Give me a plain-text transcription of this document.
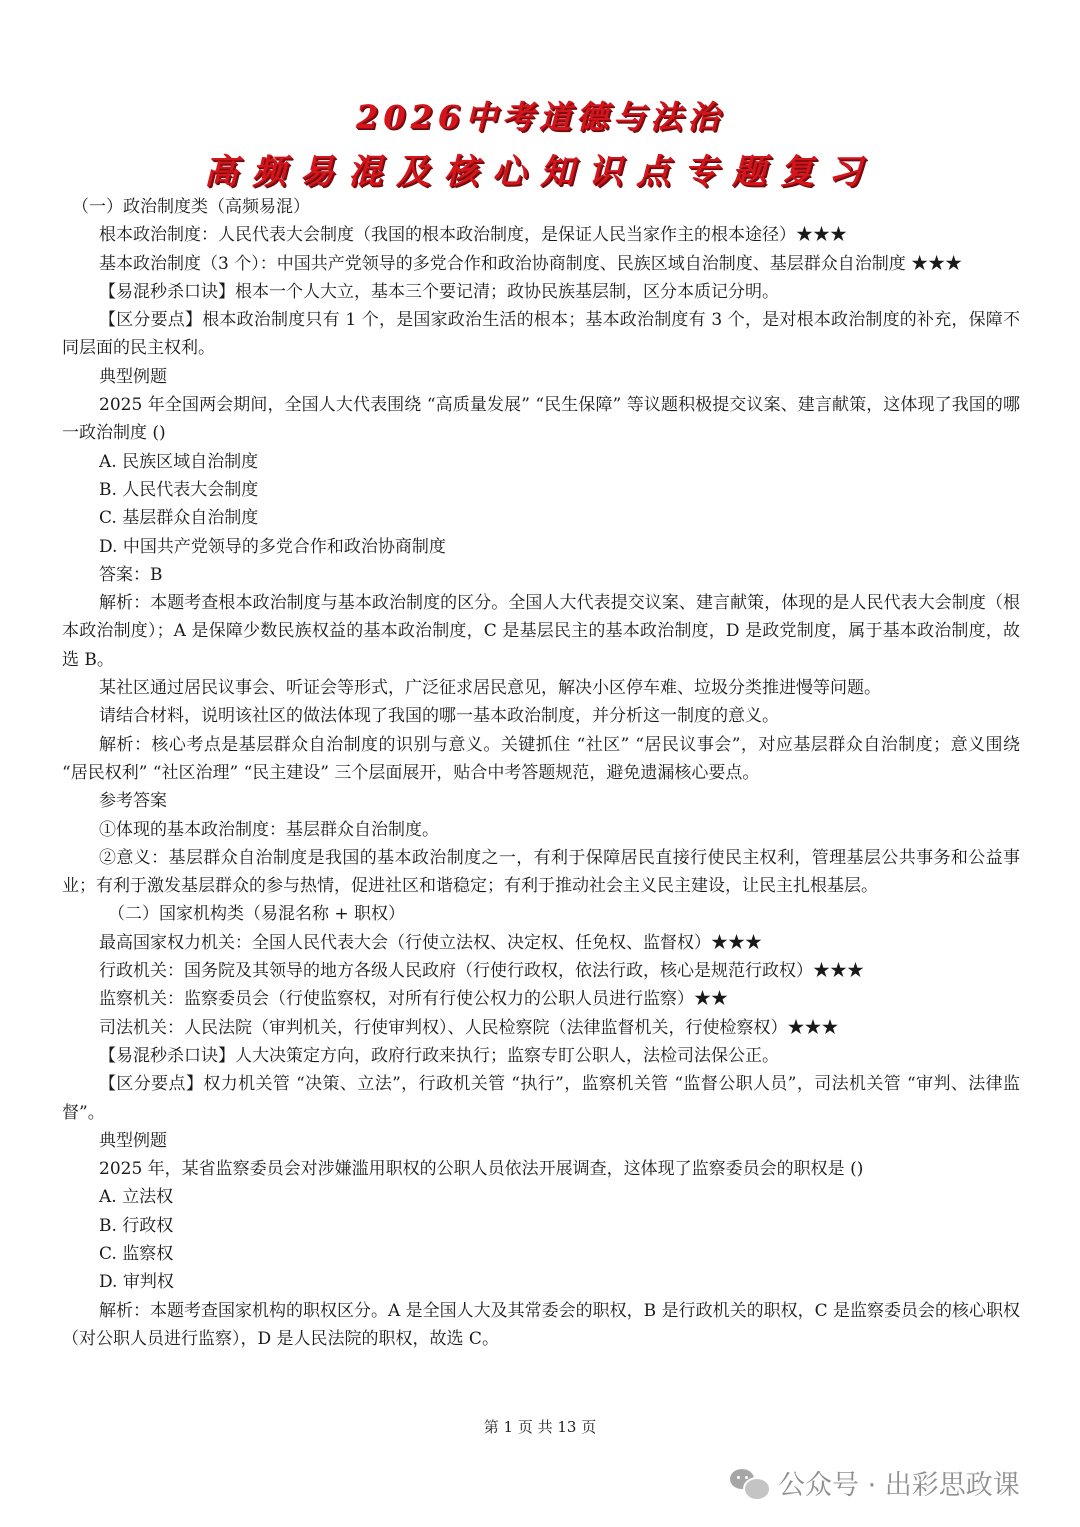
2026中考道德与法治
高频易混及核心知识点专题复习

（一）政治制度类（高频易混）

根本政治制度：人民代表大会制度（我国的根本政治制度，是保证人民当家作主的根本途径）★★★

基本政治制度（3 个）：中国共产党领导的多党合作和政治协商制度、民族区域自治制度、基层群众自治制度 ★★★

【易混秒杀口诀】根本一个人大立，基本三个要记清；政协民族基层制，区分本质记分明。

【区分要点】根本政治制度只有 1 个，是国家政治生活的根本；基本政治制度有 3 个，是对根本政治制度的补充，保障不同层面的民主权利。

典型例题

2025 年全国两会期间，全国人大代表围绕 “高质量发展” “民生保障” 等议题积极提交议案、建言献策，这体现了我国的哪一政治制度 ()

A. 民族区域自治制度

B. 人民代表大会制度

C. 基层群众自治制度

D. 中国共产党领导的多党合作和政治协商制度

答案：B

解析：本题考查根本政治制度与基本政治制度的区分。全国人大代表提交议案、建言献策，体现的是人民代表大会制度（根本政治制度）；A 是保障少数民族权益的基本政治制度，C 是基层民主的基本政治制度，D 是政党制度，属于基本政治制度，故选 B。

某社区通过居民议事会、听证会等形式，广泛征求居民意见，解决小区停车难、垃圾分类推进慢等问题。

请结合材料，说明该社区的做法体现了我国的哪一基本政治制度，并分析这一制度的意义。

解析：核心考点是基层群众自治制度的识别与意义。关键抓住 “社区” “居民议事会”，对应基层群众自治制度；意义围绕 “居民权利” “社区治理” “民主建设” 三个层面展开，贴合中考答题规范，避免遗漏核心要点。

参考答案

①体现的基本政治制度：基层群众自治制度。

②意义：基层群众自治制度是我国的基本政治制度之一，有利于保障居民直接行使民主权利，管理基层公共事务和公益事业；有利于激发基层群众的参与热情，促进社区和谐稳定；有利于推动社会主义民主建设，让民主扎根基层。

（二）国家机构类（易混名称 + 职权）

最高国家权力机关：全国人民代表大会（行使立法权、决定权、任免权、监督权）★★★

行政机关：国务院及其领导的地方各级人民政府（行使行政权，依法行政，核心是规范行政权）★★★

监察机关：监察委员会（行使监察权，对所有行使公权力的公职人员进行监察）★★

司法机关：人民法院（审判机关，行使审判权）、人民检察院（法律监督机关，行使检察权）★★★

【易混秒杀口诀】人大决策定方向，政府行政来执行；监察专盯公职人，法检司法保公正。

【区分要点】权力机关管 “决策、立法”，行政机关管 “执行”，监察机关管 “监督公职人员”，司法机关管 “审判、法律监督”。

典型例题

2025 年，某省监察委员会对涉嫌滥用职权的公职人员依法开展调查，这体现了监察委员会的职权是 ()

A. 立法权

B. 行政权

C. 监察权

D. 审判权

解析：本题考查国家机构的职权区分。A 是全国人大及其常委会的职权，B 是行政机关的职权，C 是监察委员会的核心职权（对公职人员进行监察），D 是人民法院的职权，故选 C。

第 1 页 共 13 页
公众号 · 出彩思政课
